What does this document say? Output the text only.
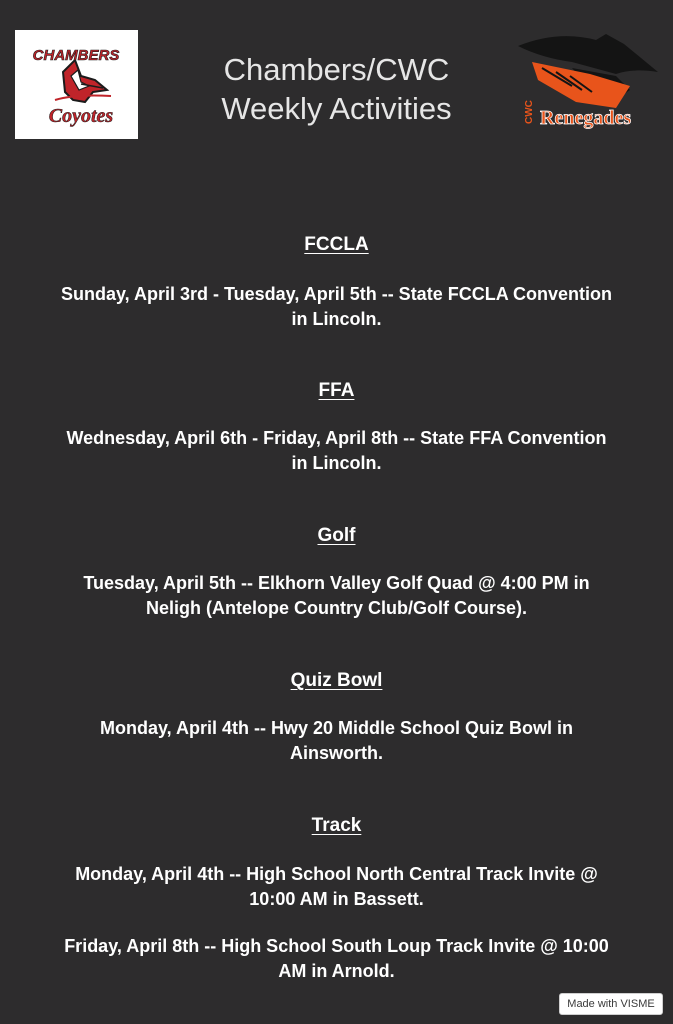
CHAMBERS
Coyotes
Chambers/CWC
Weekly Activities	CWC Renegades
FCCLA
Sunday, April 3rd - Tuesday, April 5th -- State FCCLA Convention
in Lincoln.
FFA
Wednesday, April 6th - Friday, April 8th -- State FFA Convention
in Lincoln.
Golf
Tuesday, April 5th -- Elkhorn Valley Golf Quad @ 4:00 PM in
Neligh (Antelope Country Club/Golf Course).
Quiz Bowl
Monday, April 4th -- Hwy 20 Middle School Quiz Bowl in
Ainsworth.
Track
Monday, April 4th -- High School North Central Track Invite @
10:00 AM in Bassett.
Friday, April 8th -- High School South Loup Track Invite @ 10:00
AM in Arnold.
Made with VISME
